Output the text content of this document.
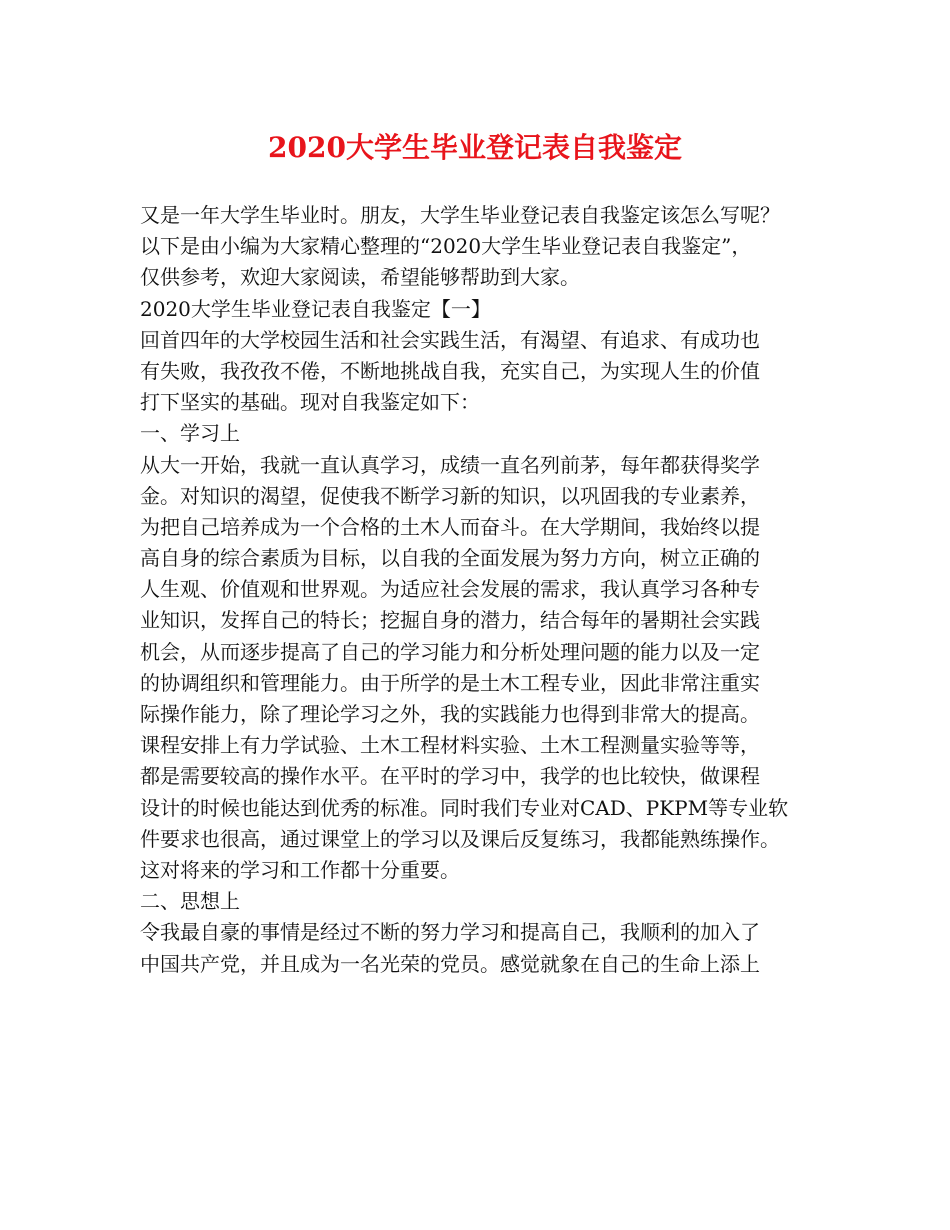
2020大学生毕业登记表自我鉴定
又是一年大学生毕业时。朋友，大学生毕业登记表自我鉴定该怎么写呢？
以下是由小编为大家精心整理的“2020大学生毕业登记表自我鉴定”，
仅供参考，欢迎大家阅读，希望能够帮助到大家。
2020大学生毕业登记表自我鉴定【一】
回首四年的大学校园生活和社会实践生活，有渴望、有追求、有成功也
有失败，我孜孜不倦，不断地挑战自我，充实自己，为实现人生的价值
打下坚实的基础。现对自我鉴定如下：
一、学习上
从大一开始，我就一直认真学习，成绩一直名列前茅，每年都获得奖学
金。对知识的渴望，促使我不断学习新的知识，以巩固我的专业素养，
为把自己培养成为一个合格的土木人而奋斗。在大学期间，我始终以提
高自身的综合素质为目标，以自我的全面发展为努力方向，树立正确的
人生观、价值观和世界观。为适应社会发展的需求，我认真学习各种专
业知识，发挥自己的特长；挖掘自身的潜力，结合每年的暑期社会实践
机会，从而逐步提高了自己的学习能力和分析处理问题的能力以及一定
的协调组织和管理能力。由于所学的是土木工程专业，因此非常注重实
际操作能力，除了理论学习之外，我的实践能力也得到非常大的提高。
课程安排上有力学试验、土木工程材料实验、土木工程测量实验等等，
都是需要较高的操作水平。在平时的学习中，我学的也比较快，做课程
设计的时候也能达到优秀的标准。同时我们专业对CAD、PKPM等专业软
件要求也很高，通过课堂上的学习以及课后反复练习，我都能熟练操作。
这对将来的学习和工作都十分重要。
二、思想上
令我最自豪的事情是经过不断的努力学习和提高自己，我顺利的加入了
中国共产党，并且成为一名光荣的党员。感觉就象在自己的生命上添上
